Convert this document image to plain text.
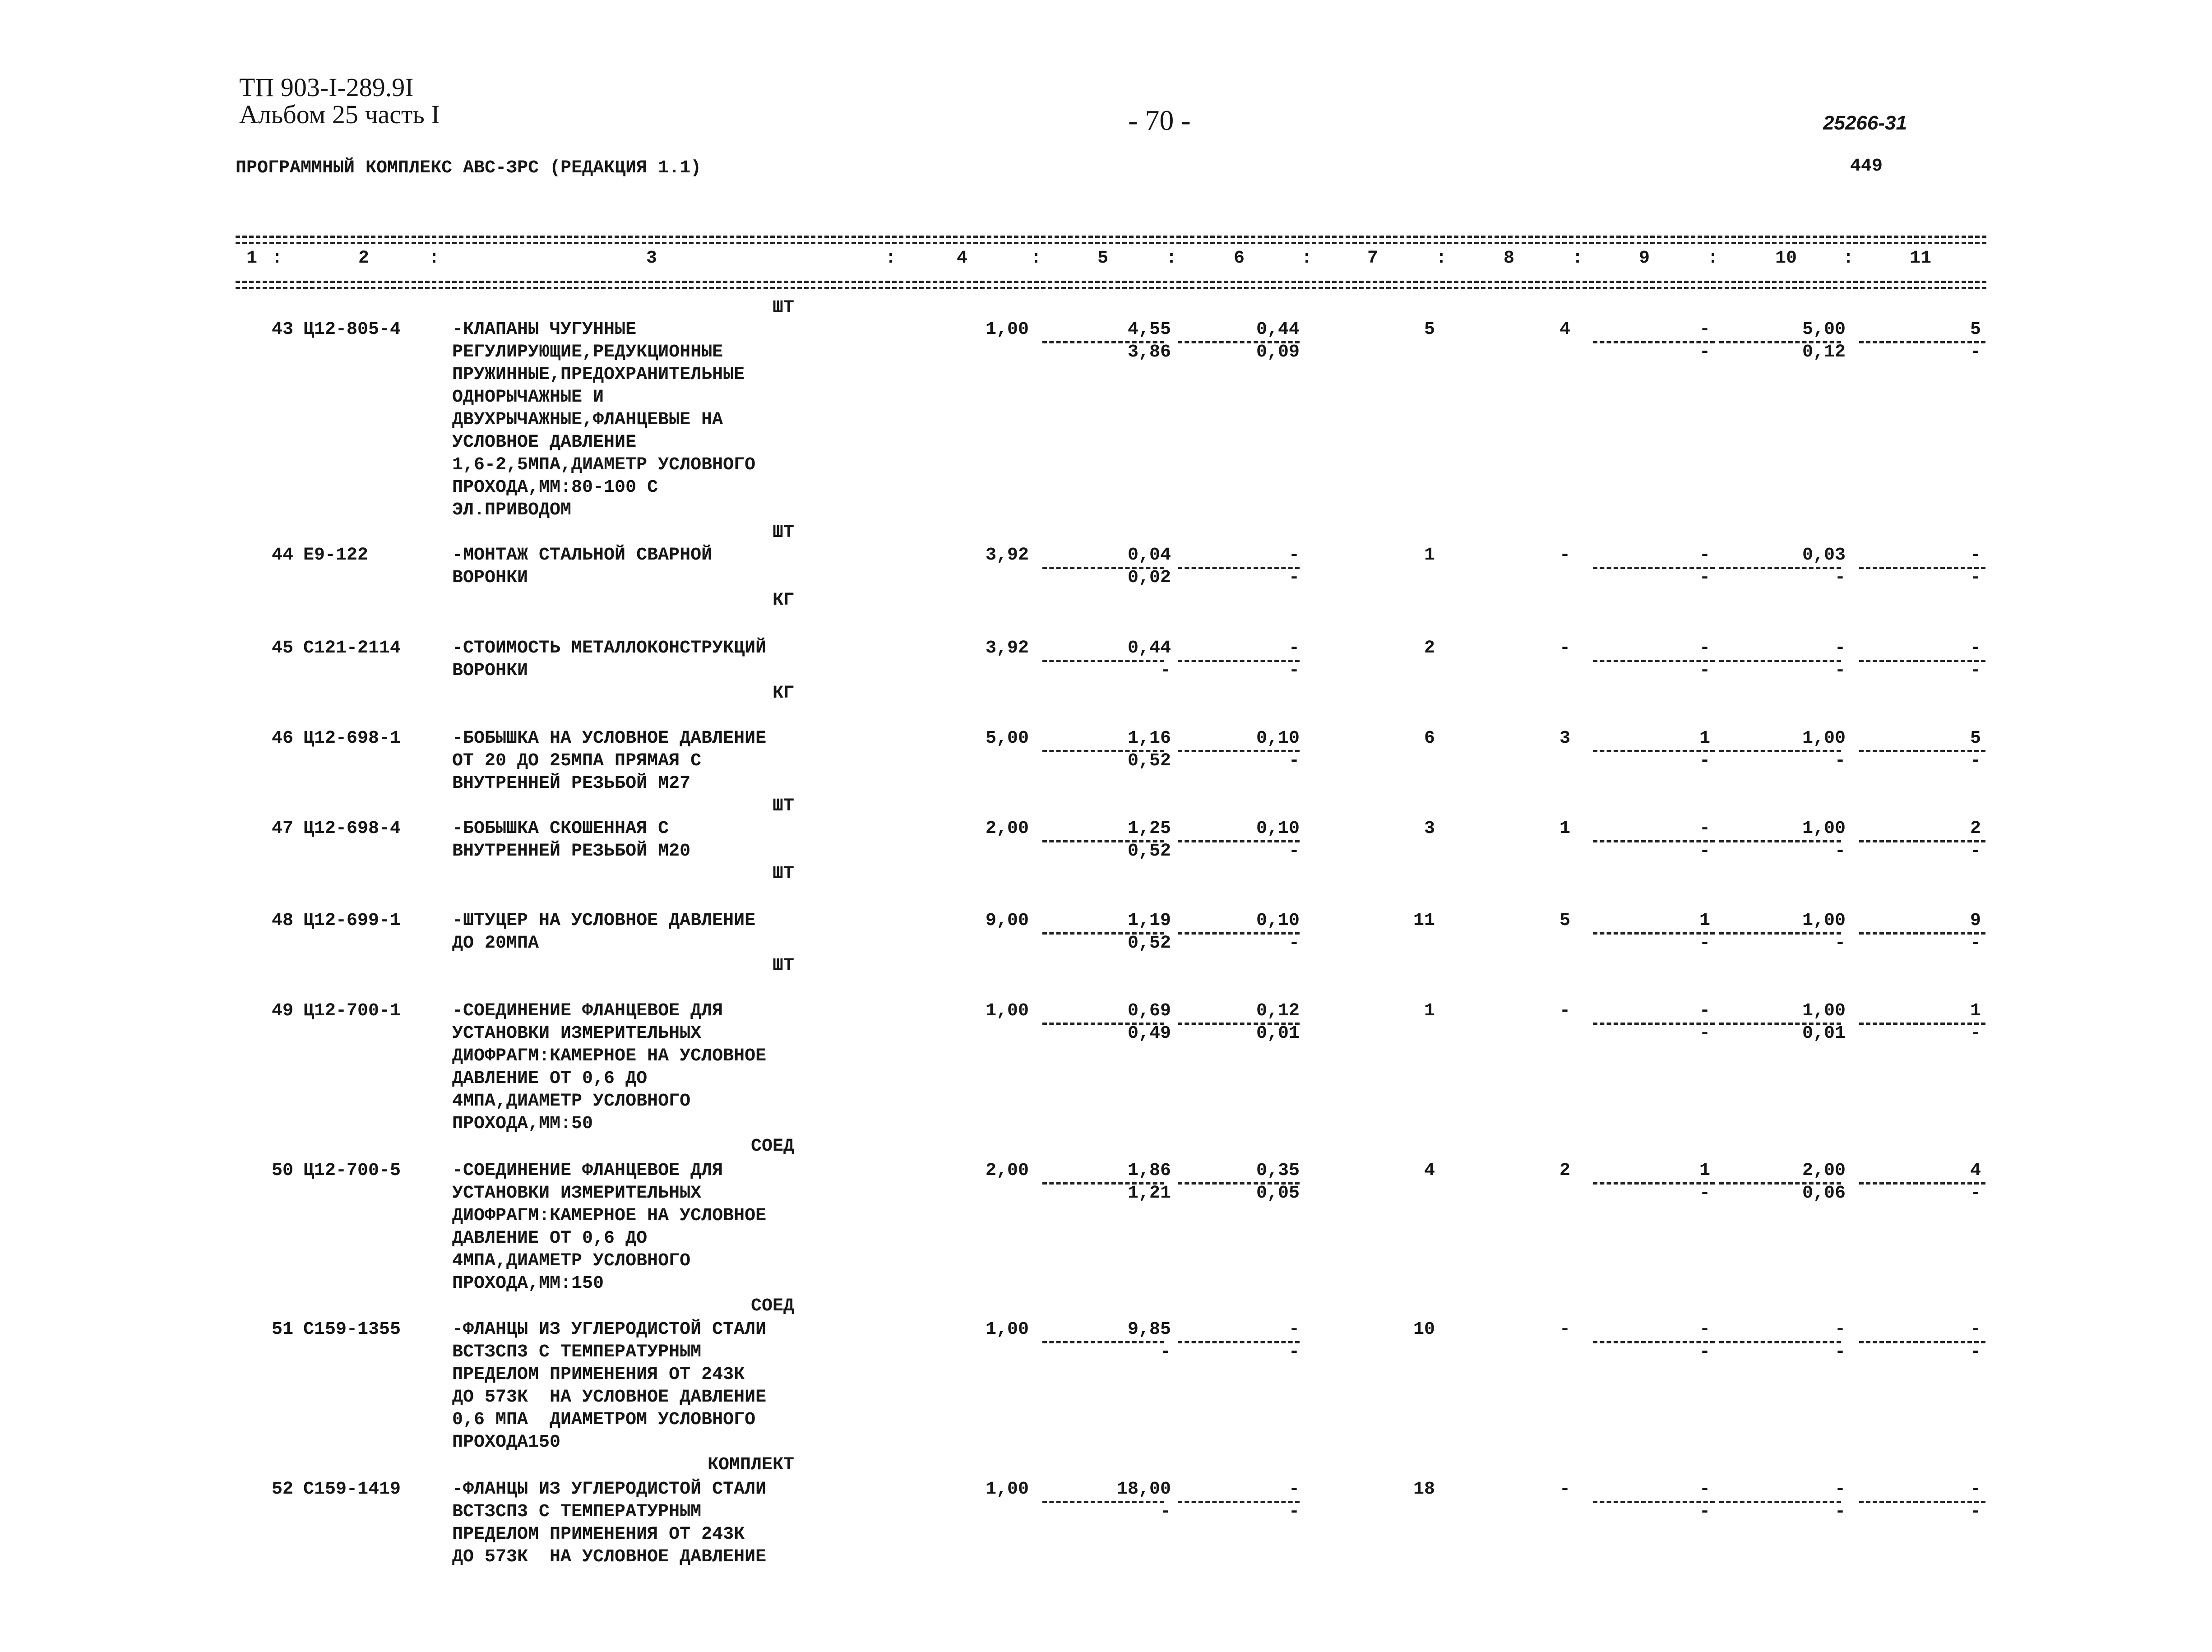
ТП 903-I-289.9I
Альбом 25 часть I	- 70 -	25266-31
ПРОГРАММНЫЙ КОМПЛЕКС АВС-ЗРС (РЕДАКЦИЯ 1.1)	449
1 :	2	:	3	:	4	:	5	:	6	:	7	:	8	:	9	:	10	:	11
ШТ
43 Ц12-805-4	1,00	4,55	0,44	5	4	-	5,00	5
-КЛАПАНЫ ЧУГУННЫЕ
РЕГУЛИРУЮЩИЕ,РЕДУКЦИОННЫЕ
ПРУЖИННЫЕ,ПРЕДОХРАНИТЕЛЬНЫЕ
ОДНОРЫЧАЖНЫЕ И
ДВУХРЫЧАЖНЫЕ,ФЛАНЦЕВЫЕ НА
УСЛОВНОЕ ДАВЛЕНИЕ
1,6-2,5МПА,ДИАМЕТР УСЛОВНОГО
ПРОХОДА,ММ:80-100 С
ЭЛ.ПРИВОДОМ
3,86	0,09	-	0,12	-
ШТ
44 Е9-122	3,92	0,04	-	1	-	-	0,03	-
-МОНТАЖ СТАЛЬНОЙ СВАРНОЙ
ВОРОНКИ	0,02	-	-	-	-
КГ
45 С121-2114	3,92	0,44	-	2	-	-	-	-
-СТОИМОСТЬ МЕТАЛЛОКОНСТРУКЦИЙ
ВОРОНКИ	-	-	-	-	-
КГ
46 Ц12-698-1	5,00	1,16	0,10	6	3	1	1,00	5
-БОБЫШКА НА УСЛОВНОЕ ДАВЛЕНИЕ
ОТ 20 ДО 25МПА ПРЯМАЯ С
ВНУТРЕННЕЙ РЕЗЬБОЙ М27
0,52	-	-	-	-
ШТ
47 Ц12-698-4	2,00	1,25	0,10	3	1	-	1,00	2
-БОБЫШКА СКОШЕННАЯ С
ВНУТРЕННЕЙ РЕЗЬБОЙ М20	0,52	-	-	-	-
ШТ
48 Ц12-699-1	9,00	1,19	0,10	11	5	1	1,00	9
-ШТУЦЕР НА УСЛОВНОЕ ДАВЛЕНИЕ
ДО 20МПА	0,52	-	-	-	-
ШТ
49 Ц12-700-1	1,00	0,69	0,12	1	-	-	1,00	1
-СОЕДИНЕНИЕ ФЛАНЦЕВОЕ ДЛЯ
УСТАНОВКИ ИЗМЕРИТЕЛЬНЫХ
ДИОФРАГМ:КАМЕРНОЕ НА УСЛОВНОЕ
ДАВЛЕНИЕ ОТ 0,6 ДО
4МПА,ДИАМЕТР УСЛОВНОГО
ПРОХОДА,ММ:50
0,49	0,01	-	0,01	-
СОЕД
50 Ц12-700-5	2,00	1,86	0,35	4	2	1	2,00	4
-СОЕДИНЕНИЕ ФЛАНЦЕВОЕ ДЛЯ
УСТАНОВКИ ИЗМЕРИТЕЛЬНЫХ
ДИОФРАГМ:КАМЕРНОЕ НА УСЛОВНОЕ
ДАВЛЕНИЕ ОТ 0,6 ДО
4МПА,ДИАМЕТР УСЛОВНОГО
ПРОХОДА,ММ:150
1,21	0,05	-	0,06	-
СОЕД
51 С159-1355	1,00	9,85	-	10	-	-	-	-
-ФЛАНЦЫ ИЗ УГЛЕРОДИСТОЙ СТАЛИ
ВСТЗСП3 С ТЕМПЕРАТУРНЫМ
ПРЕДЕЛОМ ПРИМЕНЕНИЯ ОТ 243К
ДО 573К  НА УСЛОВНОЕ ДАВЛЕНИЕ
0,6 МПА  ДИАМЕТРОМ УСЛОВНОГО
ПРОХОДА150
-	-	-	-	-
КОМПЛЕКТ
52 С159-1419	1,00	18,00	-	18	-	-	-	-
-ФЛАНЦЫ ИЗ УГЛЕРОДИСТОЙ СТАЛИ
ВСТЗСП3 С ТЕМПЕРАТУРНЫМ
ПРЕДЕЛОМ ПРИМЕНЕНИЯ ОТ 243К
ДО 573К  НА УСЛОВНОЕ ДАВЛЕНИЕ
-	-	-	-	-
